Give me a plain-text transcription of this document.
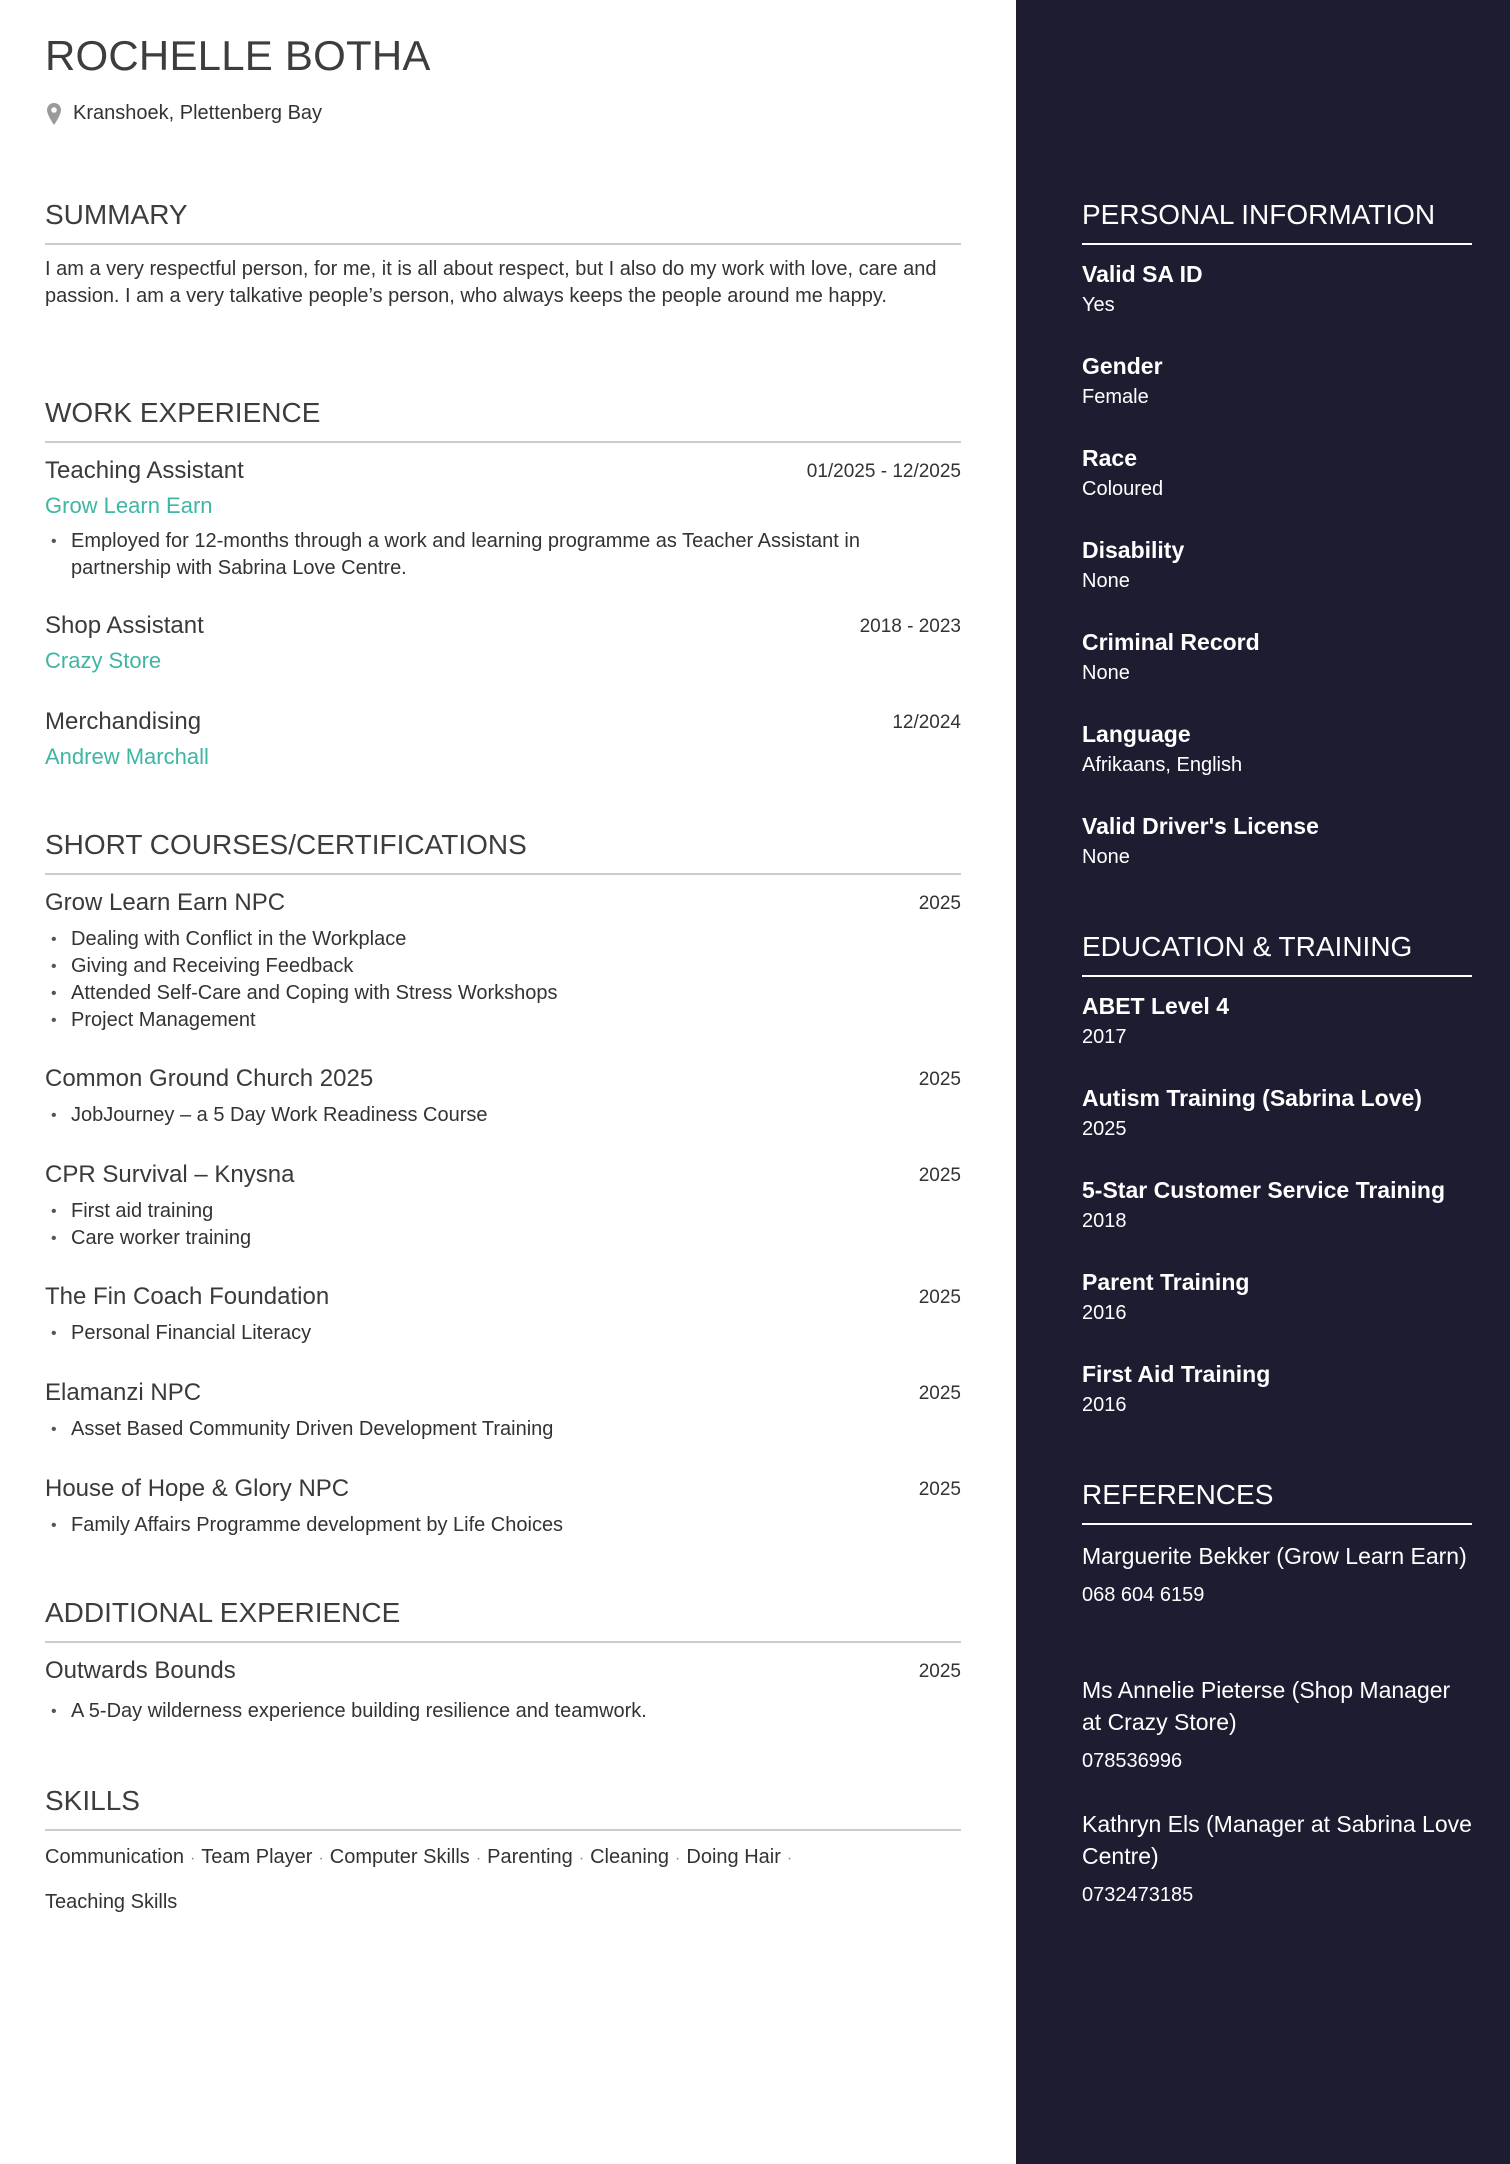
ROCHELLE BOTHA
Kranshoek, Plettenberg Bay
SUMMARY
I am a very respectful person, for me, it is all about respect, but I also do my work with love, care and passion. I am a very talkative people’s person, who always keeps the people around me happy.
WORK EXPERIENCE
Teaching Assistant	01/2025 - 12/2025
Grow Learn Earn
• Employed for 12-months through a work and learning programme as Teacher Assistant in partnership with Sabrina Love Centre.
Shop Assistant	2018 - 2023
Crazy Store
Merchandising	12/2024
Andrew Marchall
SHORT COURSES/CERTIFICATIONS
Grow Learn Earn NPC	2025
• Dealing with Conflict in the Workplace
• Giving and Receiving Feedback
• Attended Self-Care and Coping with Stress Workshops
• Project Management
Common Ground Church 2025	2025
• JobJourney – a 5 Day Work Readiness Course
CPR Survival – Knysna	2025
• First aid training
• Care worker training
The Fin Coach Foundation	2025
• Personal Financial Literacy
Elamanzi NPC	2025
• Asset Based Community Driven Development Training
House of Hope & Glory NPC	2025
• Family Affairs Programme development by Life Choices
ADDITIONAL EXPERIENCE
Outwards Bounds	2025
• A 5-Day wilderness experience building resilience and teamwork.
SKILLS
Communication · Team Player · Computer Skills · Parenting · Cleaning · Doing Hair ·
Teaching Skills
PERSONAL INFORMATION
Valid SA ID
Yes
Gender
Female
Race
Coloured
Disability
None
Criminal Record
None
Language
Afrikaans, English
Valid Driver's License
None
EDUCATION & TRAINING
ABET Level 4
2017
Autism Training (Sabrina Love)
2025
5-Star Customer Service Training
2018
Parent Training
2016
First Aid Training
2016
REFERENCES
Marguerite Bekker (Grow Learn Earn)
068 604 6159
Ms Annelie Pieterse (Shop Manager at Crazy Store)
078536996
Kathryn Els (Manager at Sabrina Love Centre)
0732473185
